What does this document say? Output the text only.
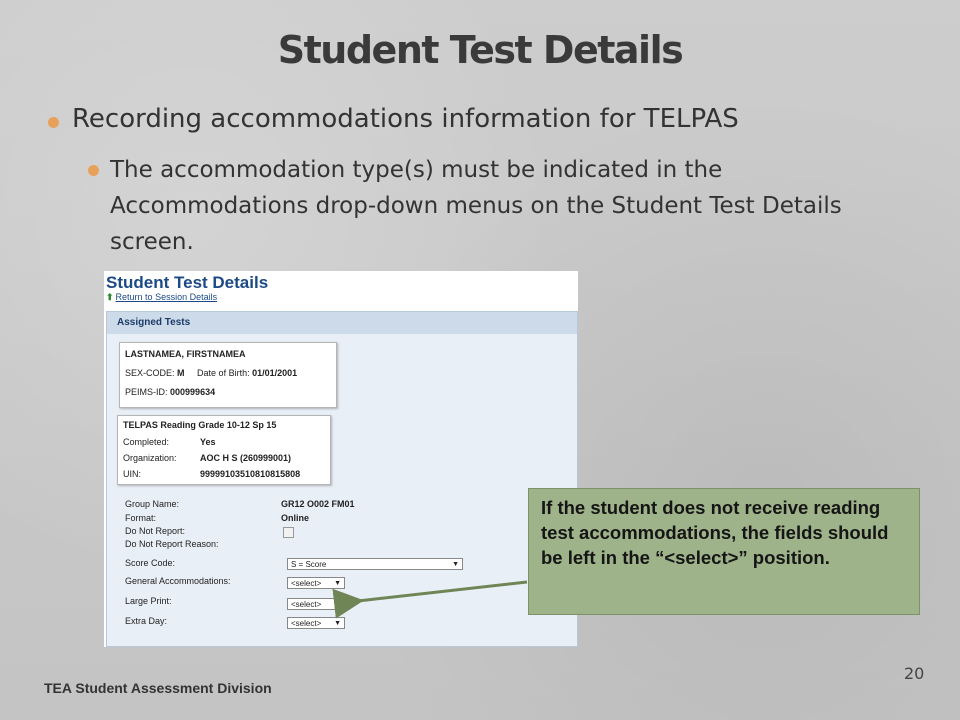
Student Test Details
Recording accommodations information for TELPAS
The accommodation type(s) must be indicated in the Accommodations drop-down menus on the Student Test Details screen.
Student Test Details
⬆ Return to Session Details
Assigned Tests
LASTNAMEA, FIRSTNAMEA
SEX-CODE: M Date of Birth: 01/01/2001
PEIMS-ID: 000999634
TELPAS Reading Grade 10-12 Sp 15
Completed:	Yes
Organization:	AOC H S (260999001)
UIN:	999991035108108158​08
Group Name:	GR12 O002 FM01
Format:	Online
Do Not Report:
Do Not Report Reason:
Score Code:	S = Score	▼
General Accommodations:	<select> ▼
Large Print:	<select> ▼
Extra Day:	<select> ▼
If the student does not receive reading test accommodations, the fields should be left in the “<select>” position.
TEA Student Assessment Division
20
